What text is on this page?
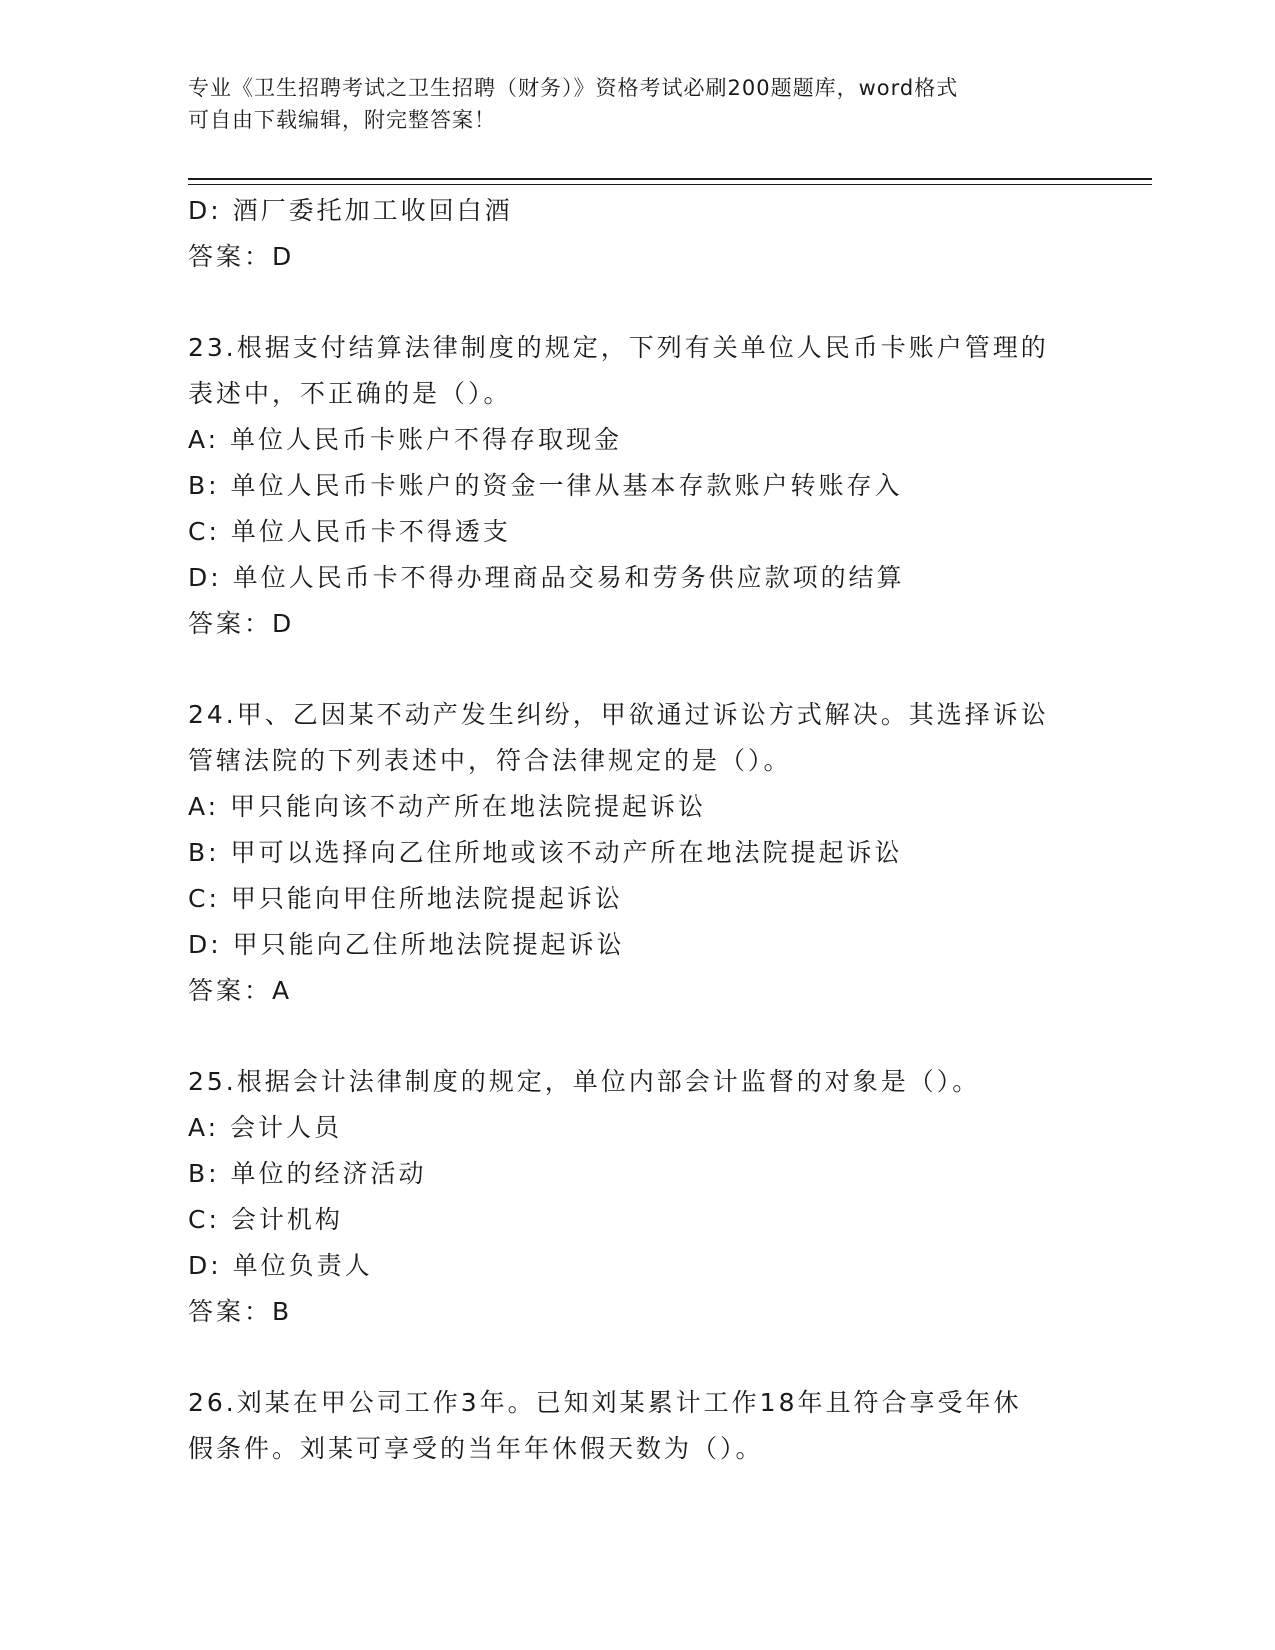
专业《卫生招聘考试之卫生招聘（财务）》资格考试必刷200题题库，word格式
可自由下载编辑，附完整答案！
D: 酒厂委托加工收回白酒
答案：D
23.根据支付结算法律制度的规定，下列有关单位人民币卡账户管理的
表述中，不正确的是（）。
A: 单位人民币卡账户不得存取现金
B: 单位人民币卡账户的资金一律从基本存款账户转账存入
C: 单位人民币卡不得透支
D: 单位人民币卡不得办理商品交易和劳务供应款项的结算
答案：D
24.甲、乙因某不动产发生纠纷，甲欲通过诉讼方式解决。其选择诉讼
管辖法院的下列表述中，符合法律规定的是（）。
A: 甲只能向该不动产所在地法院提起诉讼
B: 甲可以选择向乙住所地或该不动产所在地法院提起诉讼
C: 甲只能向甲住所地法院提起诉讼
D: 甲只能向乙住所地法院提起诉讼
答案：A
25.根据会计法律制度的规定，单位内部会计监督的对象是（）。
A: 会计人员
B: 单位的经济活动
C: 会计机构
D: 单位负责人
答案：B
26.刘某在甲公司工作3年。已知刘某累计工作18年且符合享受年休
假条件。刘某可享受的当年年休假天数为（）。
